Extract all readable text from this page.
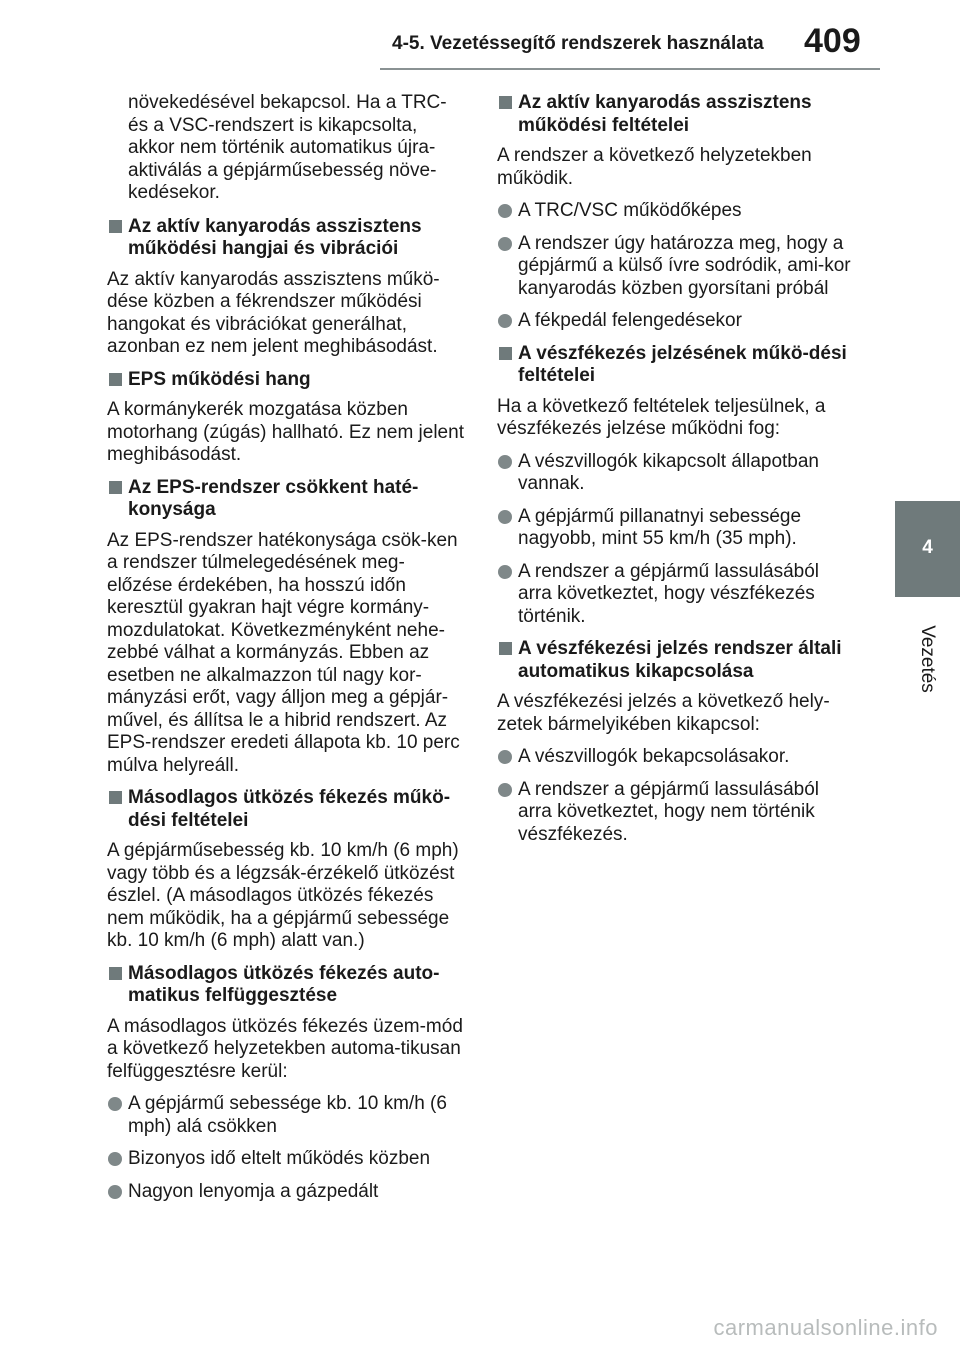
4-5. Vezetéssegítő rendszerek használata 409
4
Vezetés

növekedésével bekapcsol. Ha a TRC- és a VSC-rendszert is kikapcsolta, akkor nem történik automatikus újra-aktiválás a gépjárműsebesség növe-kedésekor.

Az aktív kanyarodás asszisztens működési hangjai és vibrációi

Az aktív kanyarodás asszisztens műkö-dése közben a fékrendszer működési hangokat és vibrációkat generálhat, azonban ez nem jelent meghibásodást.

EPS működési hang

A kormánykerék mozgatása közben motorhang (zúgás) hallható. Ez nem jelent meghibásodást.

Az EPS-rendszer csökkent haté-konysága

Az EPS-rendszer hatékonysága csök-ken a rendszer túlmelegedésének meg-előzése érdekében, ha hosszú időn keresztül gyakran hajt végre kormány-mozdulatokat. Következményként nehe-zebbé válhat a kormányzás. Ebben az esetben ne alkalmazzon túl nagy kor-mányzási erőt, vagy álljon meg a gépjár-művel, és állítsa le a hibrid rendszert. Az EPS-rendszer eredeti állapota kb. 10 perc múlva helyreáll.

Másodlagos ütközés fékezés műkö-dési feltételei

A gépjárműsebesség kb. 10 km/h (6 mph) vagy több és a légzsák-érzékelő ütközést észlel. (A másodlagos ütközés fékezés nem működik, ha a gépjármű sebessége kb. 10 km/h (6 mph) alatt van.)

Másodlagos ütközés fékezés auto-matikus felfüggesztése

A másodlagos ütközés fékezés üzem-mód a következő helyzetekben automa-tikusan felfüggesztésre kerül:

A gépjármű sebessége kb. 10 km/h (6 mph) alá csökken
Bizonyos idő eltelt működés közben
Nagyon lenyomja a gázpedált
Az aktív kanyarodás asszisztens működési feltételei

A rendszer a következő helyzetekben működik.

A TRC/VSC működőképes
A rendszer úgy határozza meg, hogy a gépjármű a külső ívre sodródik, ami-kor kanyarodás közben gyorsítani próbál
A fékpedál felengedésekor
A vészfékezés jelzésének műkö-dési feltételei

Ha a következő feltételek teljesülnek, a vészfékezés jelzése működni fog:

A vészvillogók kikapcsolt állapotban vannak.
A gépjármű pillanatnyi sebessége nagyobb, mint 55 km/h (35 mph).
A rendszer a gépjármű lassulásából arra következtet, hogy vészfékezés történik.
A vészfékezési jelzés rendszer általi automatikus kikapcsolása

A vészfékezési jelzés a következő hely-zetek bármelyikében kikapcsol:

A vészvillogók bekapcsolásakor.
A rendszer a gépjármű lassulásából arra következtet, hogy nem történik vészfékezés.
carmanualsonline.info
